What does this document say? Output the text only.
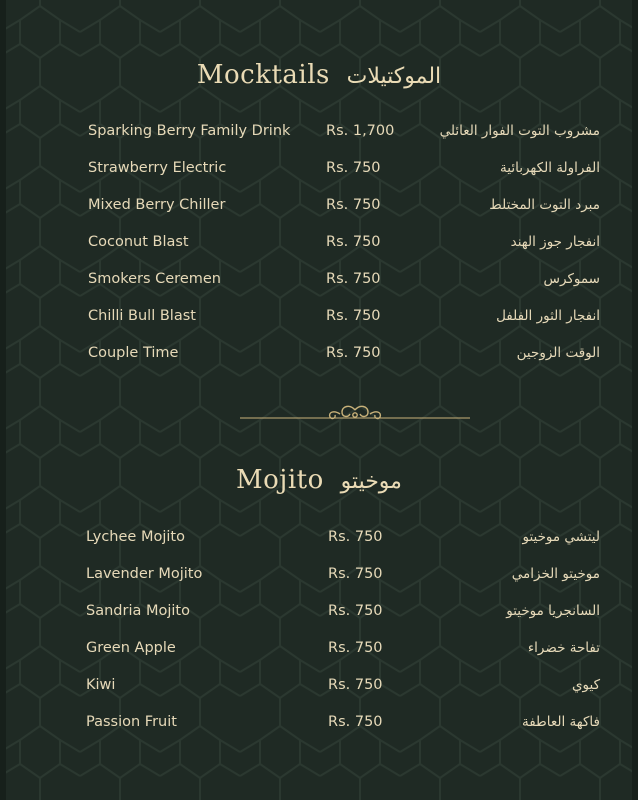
Mocktails الموكتيلات
Sparking Berry Family Drink Rs. 1,700	مشروب التوت الفوار العائلي
Strawberry Electric	Rs. 750	الفراولة الكهربائية
Mixed Berry Chiller	Rs. 750	مبرد التوت المختلط
Coconut Blast	Rs. 750	انفجار جوز الهند
Smokers Ceremen	Rs. 750	سموكرس
Chilli Bull Blast	Rs. 750	انفجار الثور الفلفل
Couple Time	Rs. 750	الوقت الزوجين
Mojito موخيتو
Lychee Mojito	Rs. 750	ليتشي موخيتو
Lavender Mojito	Rs. 750	موخيتو الخزامي
Sandria Mojito	Rs. 750	السانجريا موخيتو
Green Apple	Rs. 750	تفاحة خضراء
Kiwi	Rs. 750	كيوي
Passion Fruit	Rs. 750	فاكهة العاطفة
